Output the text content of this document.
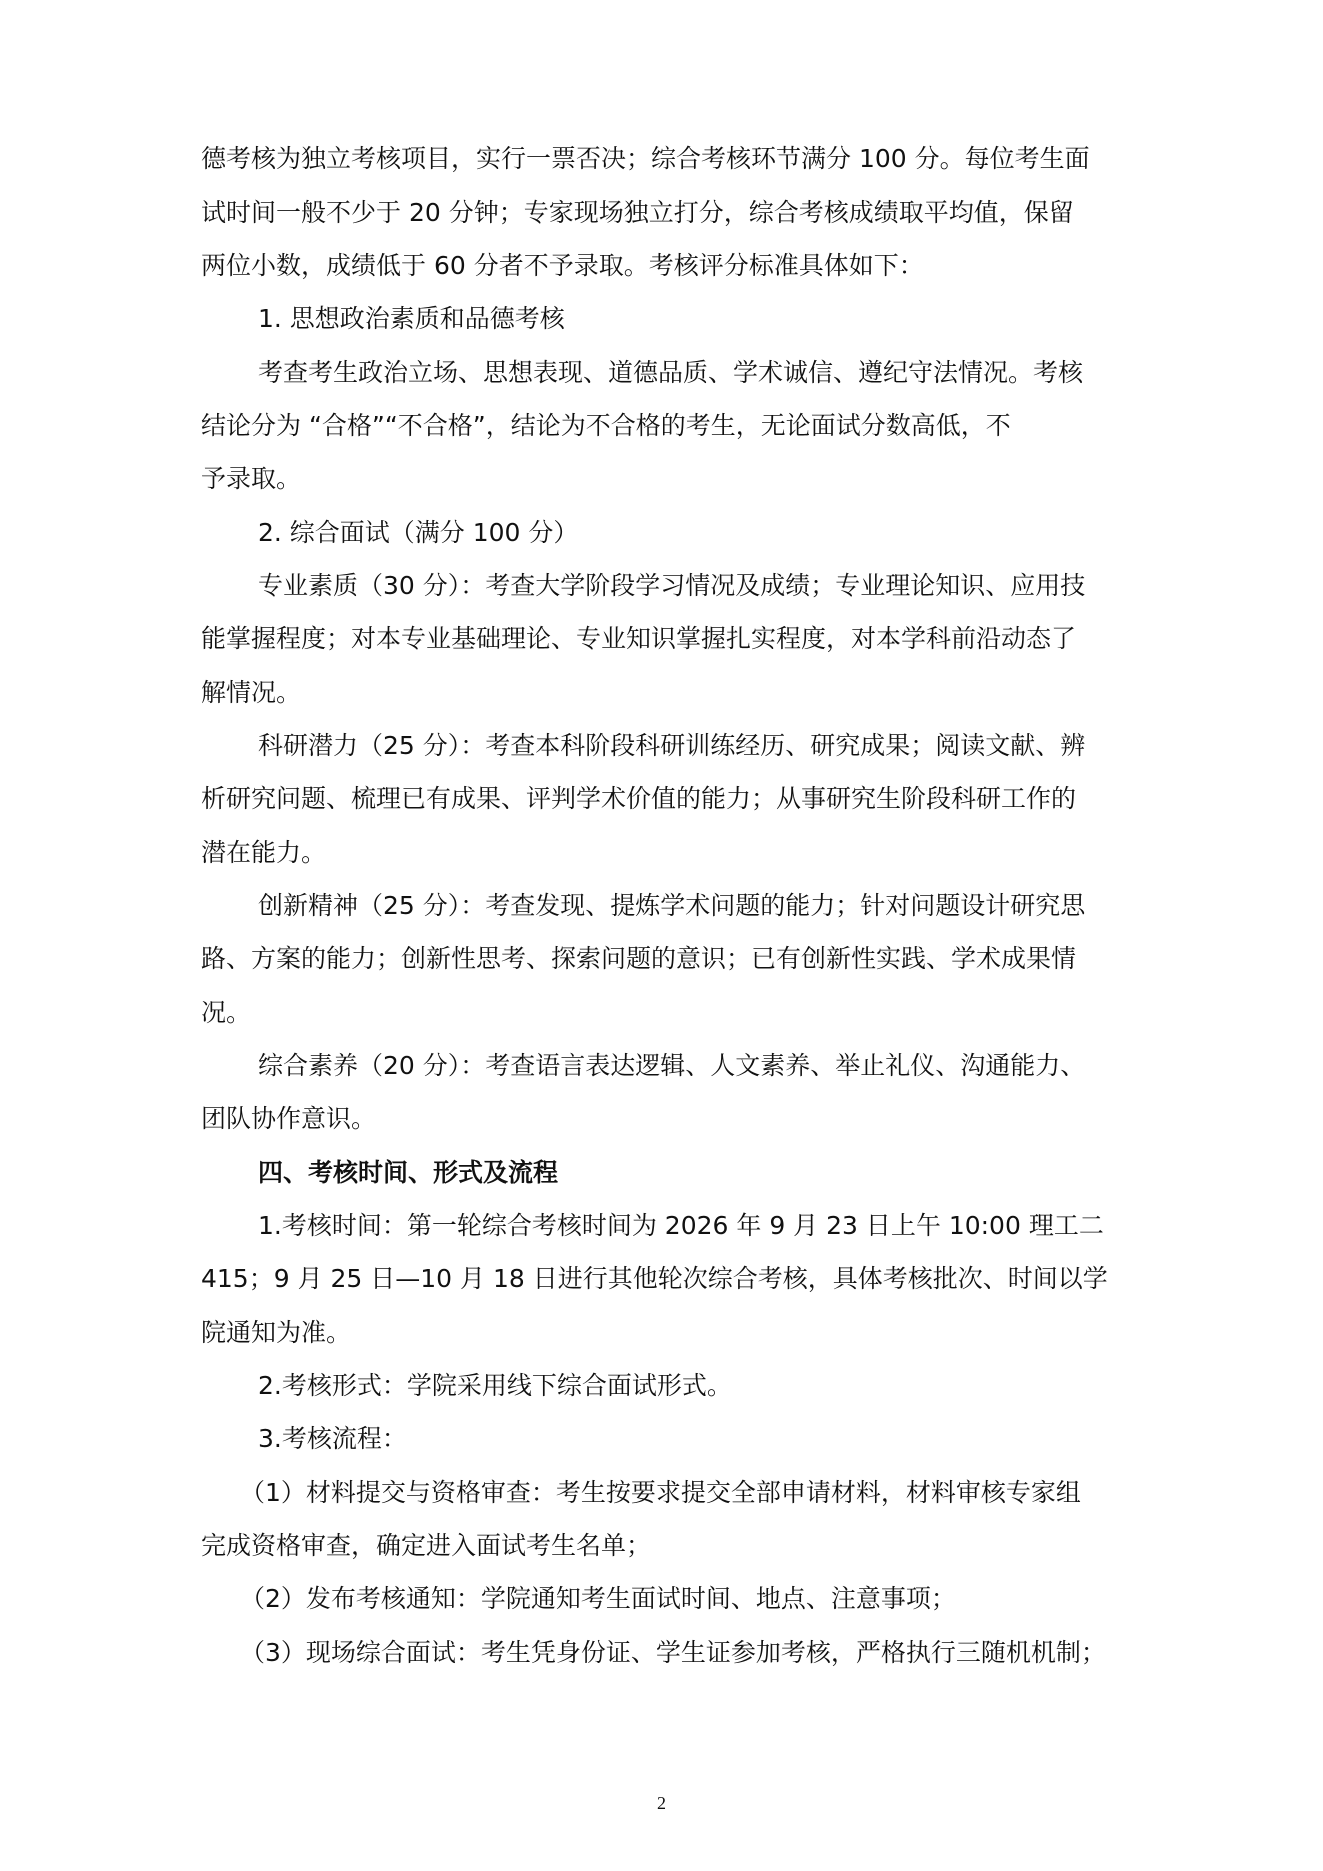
德考核为独立考核项目，实行一票否决；综合考核环节满分 100 分。每位考生面
试时间一般不少于 20 分钟；专家现场独立打分，综合考核成绩取平均值，保留
两位小数，成绩低于 60 分者不予录取。考核评分标准具体如下：
1. 思想政治素质和品德考核
考查考生政治立场、思想表现、道德品质、学术诚信、遵纪守法情况。考核
结论分为 “合格”“不合格”，结论为不合格的考生，无论面试分数高低，不
予录取。
2. 综合面试（满分 100 分）
专业素质（30 分）：考查大学阶段学习情况及成绩；专业理论知识、应用技
能掌握程度；对本专业基础理论、专业知识掌握扎实程度，对本学科前沿动态了
解情况。
科研潜力（25 分）：考查本科阶段科研训练经历、研究成果；阅读文献、辨
析研究问题、梳理已有成果、评判学术价值的能力；从事研究生阶段科研工作的
潜在能力。
创新精神（25 分）：考查发现、提炼学术问题的能力；针对问题设计研究思
路、方案的能力；创新性思考、探索问题的意识；已有创新性实践、学术成果情
况。
综合素养（20 分）：考查语言表达逻辑、人文素养、举止礼仪、沟通能力、
团队协作意识。
四、考核时间、形式及流程
1.考核时间：第一轮综合考核时间为 2026 年 9 月 23 日上午 10:00 理工二
415；9 月 25 日—10 月 18 日进行其他轮次综合考核，具体考核批次、时间以学
院通知为准。
2.考核形式：学院采用线下综合面试形式。
3.考核流程：
（1）材料提交与资格审查：考生按要求提交全部申请材料，材料审核专家组
完成资格审查，确定进入面试考生名单；
（2）发布考核通知：学院通知考生面试时间、地点、注意事项；
（3）现场综合面试：考生凭身份证、学生证参加考核，严格执行三随机机制；
2
